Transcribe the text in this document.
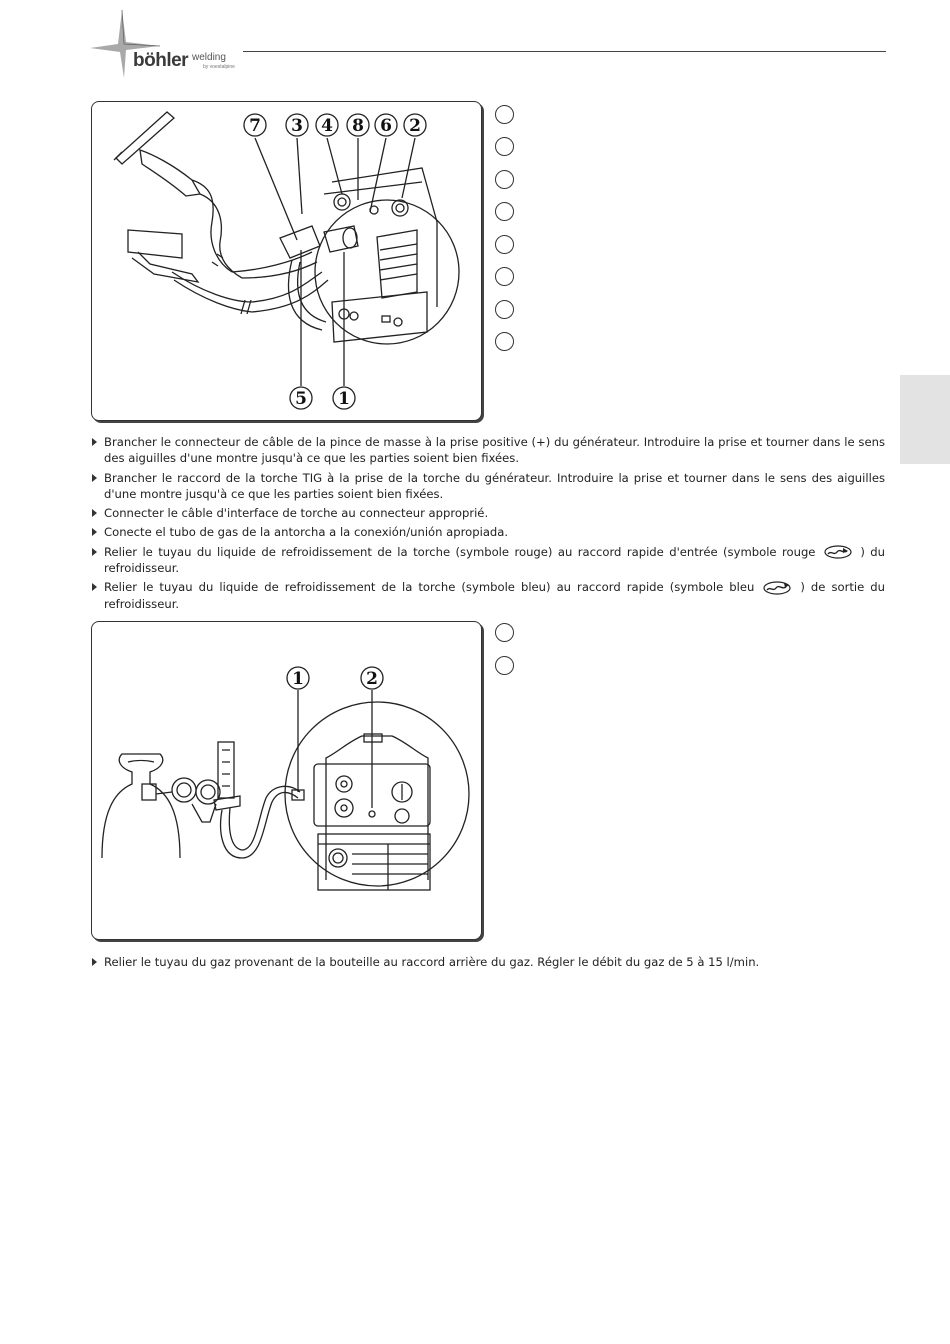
böhler welding
by voestalpine
7 3 4 8 6 2
5 1
Brancher le connecteur de câble de la pince de masse à la prise positive (+) du générateur. Introduire la prise et tourner dans le sens des aiguilles d'une montre jusqu'à ce que les parties soient bien fixées.
Brancher le raccord de la torche TIG à la prise de la torche du générateur. Introduire la prise et tourner dans le sens des aiguilles d'une montre jusqu'à ce que les parties soient bien fixées.
Connecter le câble d'interface de torche au connecteur approprié.
Conecte el tubo de gas de la antorcha a la conexión/unión apropiada.
Relier le tuyau du liquide de refroidissement de la torche (symbole rouge) au raccord rapide d'entrée (symbole rouge	) du refroidisseur.
Relier le tuyau du liquide de refroidissement de la torche (symbole bleu) au raccord rapide (symbole bleu	) de sortie du refroidisseur.
1	2
Relier le tuyau du gaz provenant de la bouteille au raccord arrière du gaz. Régler le débit du gaz de 5 à 15 l/min.
